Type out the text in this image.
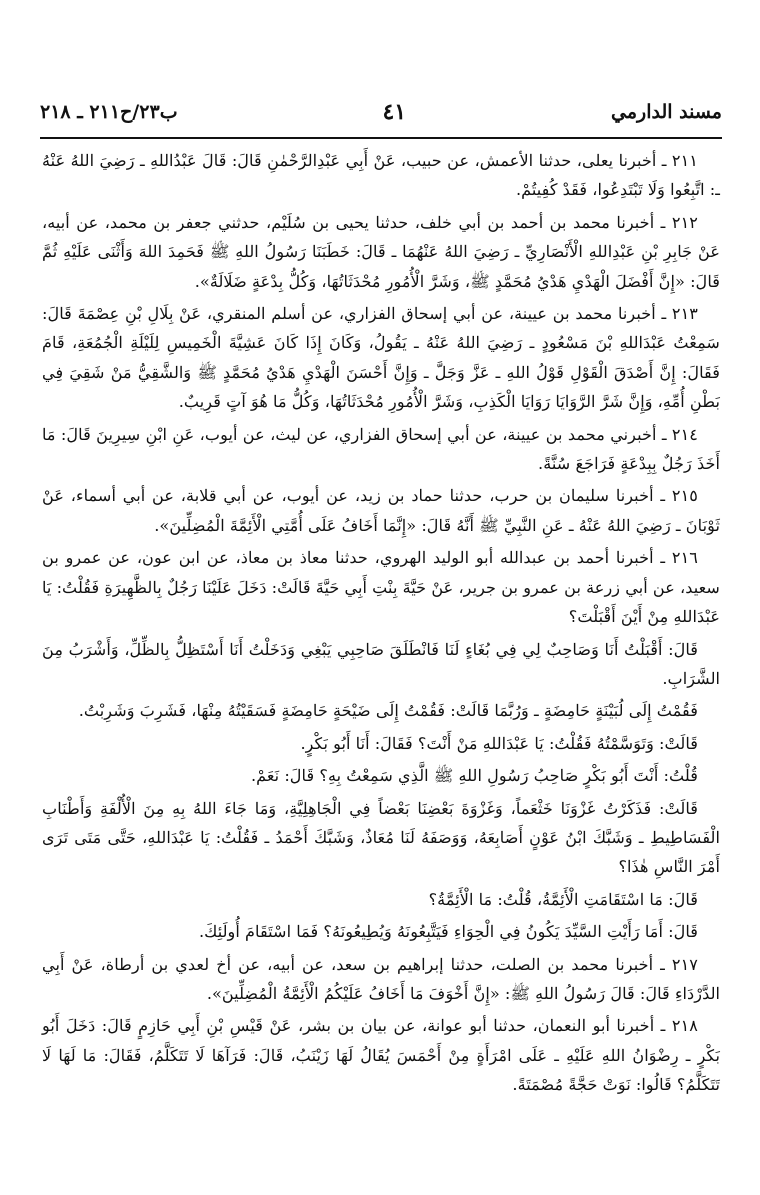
مسند الدارمي
٤١
ب٢٣/ح٢١١ ـ ٢١٨

٢١١ ـ أخبرنا يعلى، حدثنا الأعمش، عن حبيب، عَنْ أَبِي عَبْدِالرَّحْمٰنِ قَالَ: قَالَ عَبْدُاللهِ ـ رَضِيَ اللهُ عَنْهُ ـ: اتَّبِعُوا وَلَا تَبْتَدِعُوا، فَقَدْ كُفِيتُمْ.

٢١٢ ـ أخبرنا محمد بن أحمد بن أبي خلف، حدثنا يحيى بن سُلَيْم، حدثني جعفر بن محمد، عن أبيه، عَنْ جَابِرِ بْنِ عَبْدِاللهِ الْأَنْصَارِيِّ ـ رَضِيَ اللهُ عَنْهُمَا ـ قَالَ: خَطَبَنَا رَسُولُ اللهِ ﷺ فَحَمِدَ اللهَ وَأَثْنَى عَلَيْهِ ثُمَّ قَالَ: «إِنَّ أَفْضَلَ الْهَدْيِ هَدْيُ مُحَمَّدٍ ﷺ، وَشَرَّ الْأُمُورِ مُحْدَثَاتُهَا، وَكُلُّ بِدْعَةٍ ضَلَالَةٌ».

٢١٣ ـ أخبرنا محمد بن عيينة، عن أبي إسحاق الفزاري، عن أسلم المنقري، عَنْ بِلَالِ بْنِ عِصْمَةَ قَالَ: سَمِعْتُ عَبْدَاللهِ بْنَ مَسْعُودٍ ـ رَضِيَ اللهُ عَنْهُ ـ يَقُولُ، وَكَانَ إِذَا كَانَ عَشِيَّةَ الْخَمِيسِ لِلَيْلَةِ الْجُمُعَةِ، قَامَ فَقَالَ: إِنَّ أَصْدَقَ الْقَوْلِ قَوْلُ اللهِ ـ عَزَّ وَجَلَّ ـ وَإِنَّ أَحْسَنَ الْهَدْيِ هَدْيُ مُحَمَّدٍ ﷺ وَالشَّقِيُّ مَنْ شَقِيَ فِي بَطْنِ أُمِّهِ، وَإِنَّ شَرَّ الرَّوَايَا رَوَايَا الْكَذِبِ، وَشَرَّ الْأُمُورِ مُحْدَثَاتُهَا، وَكُلُّ مَا هُوَ آتٍ قَرِيبٌ.

٢١٤ ـ أخبرني محمد بن عيينة، عن أبي إسحاق الفزاري، عن ليث، عن أيوب، عَنِ ابْنِ سِيرِينَ قَالَ: مَا أَخَذَ رَجُلٌ بِبِدْعَةٍ فَرَاجَعَ سُنَّةً.

٢١٥ ـ أخبرنا سليمان بن حرب، حدثنا حماد بن زيد، عن أيوب، عن أبي قلابة، عن أبي أسماء، عَنْ ثَوْبَانَ ـ رَضِيَ اللهُ عَنْهُ ـ عَنِ النَّبِيِّ ﷺ أَنَّهُ قَالَ: «إِنَّمَا أَخَافُ عَلَى أُمَّتِي الْأَئِمَّةَ الْمُضِلِّينَ».

٢١٦ ـ أخبرنا أحمد بن عبدالله أبو الوليد الهروي، حدثنا معاذ بن معاذ، عن ابن عون، عن عمرو بن سعيد، عن أبي زرعة بن عمرو بن جرير، عَنْ حَيَّةَ بِنْتِ أَبِي حَيَّةَ قَالَتْ: دَخَلَ عَلَيْنَا رَجُلٌ بِالظَّهِيرَةِ فَقُلْتُ: يَا عَبْدَاللهِ مِنْ أَيْنَ أَقْبَلْتَ؟

قَالَ: أَقْبَلْتُ أَنَا وَصَاحِبٌ لِي فِي بُغَاءٍ لَنَا فَانْطَلَقَ صَاحِبِي يَبْغِي وَدَخَلْتُ أَنَا أَسْتَظِلُّ بِالظِّلِّ، وَأَشْرَبُ مِنَ الشَّرَابِ.

فَقُمْتُ إِلَى لُبَيْنَةٍ حَامِضَةٍ ـ وَرُبَّمَا قَالَتْ: فَقُمْتُ إِلَى ضَيْحَةٍ حَامِضَةٍ فَسَقَيْتُهُ مِنْهَا، فَشَرِبَ وَشَرِبْتُ.

قَالَتْ: وَتَوَسَّمْتُهُ فَقُلْتُ: يَا عَبْدَاللهِ مَنْ أَنْتَ؟ فَقَالَ: أَنَا أَبُو بَكْرٍ.

قُلْتُ: أَنْتَ أَبُو بَكْرٍ صَاحِبُ رَسُولِ اللهِ ﷺ الَّذِي سَمِعْتُ بِهِ؟ قَالَ: نَعَمْ.

قَالَتْ: فَذَكَرْتُ غَزْوَنَا خَثْعَماً، وَغَزْوَةَ بَعْضِنَا بَعْضاً فِي الْجَاهِلِيَّةِ، وَمَا جَاءَ اللهُ بِهِ مِنَ الْأُلْفَةِ وَأَطْنَابِ الْفَسَاطِيطِ ـ وَشَبَّكَ ابْنُ عَوْنٍ أَصَابِعَهُ، وَوَصَفَهُ لَنَا مُعَاذٌ، وَشَبَّكَ أَحْمَدُ ـ فَقُلْتُ: يَا عَبْدَاللهِ، حَتَّى مَتَى تَرَى أَمْرَ النَّاسِ هٰذَا؟

قَالَ: مَا اسْتَقَامَتِ الْأَئِمَّةُ، قُلْتُ: مَا الْأَئِمَّةُ؟

قَالَ: أَمَا رَأَيْتِ السَّيِّدَ يَكُونُ فِي الْحِوَاءِ فَيَتَّبِعُونَهُ وَيُطِيعُونَهُ؟ فَمَا اسْتَقَامَ أُولَئِكَ.

٢١٧ ـ أخبرنا محمد بن الصلت، حدثنا إبراهيم بن سعد، عن أبيه، عن أخ لعدي بن أرطاة، عَنْ أَبِي الدَّرْدَاءِ قَالَ: قَالَ رَسُولُ اللهِ ﷺ: «إِنَّ أَخْوَفَ مَا أَخَافُ عَلَيْكُمُ الْأَئِمَّةُ الْمُضِلِّينَ».

٢١٨ ـ أخبرنا أبو النعمان، حدثنا أبو عوانة، عن بيان بن بشر، عَنْ قَيْسِ بْنِ أَبِي حَازِمٍ قَالَ: دَخَلَ أَبُو بَكْرٍ ـ رِضْوَانُ اللهِ عَلَيْهِ ـ عَلَى امْرَأَةٍ مِنْ أَحْمَسَ يُقَالُ لَهَا زَيْنَبُ، قَالَ: فَرَآهَا لَا تَتَكَلَّمُ، فَقَالَ: مَا لَهَا لَا تَتَكَلَّمُ؟ قَالُوا: نَوَتْ حَجَّةً مُصْمَتَةً.
